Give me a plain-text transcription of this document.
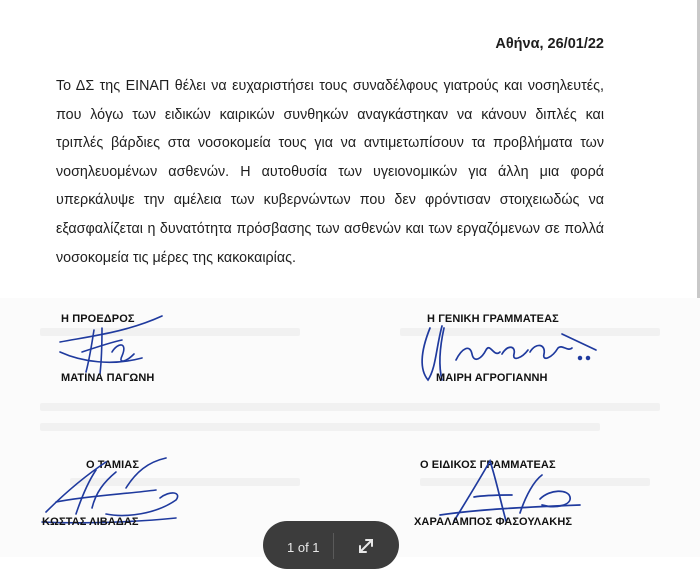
Αθήνα, 26/01/22
Το ΔΣ της ΕΙΝΑΠ θέλει να ευχαριστήσει τους συναδέλφους γιατρούς και νοσηλευτές, που λόγω των ειδικών καιρικών συνθηκών αναγκάστηκαν να κάνουν διπλές και τριπλές βάρδιες στα νοσοκομεία τους για να αντιμετωπίσουν τα προβλήματα των νοσηλευομένων ασθενών. Η αυτοθυσία των υγειονομικών για άλλη μια φορά υπερκάλυψε την αμέλεια των κυβερνώντων που δεν φρόντισαν στοιχειωδώς να εξασφαλίζεται η δυνατότητα πρόσβασης των ασθενών και των εργαζόμενων σε πολλά νοσοκομεία τις μέρες της κακοκαιρίας.
Η ΠΡΟΕΔΡΟΣ
ΜΑΤΙΝΑ ΠΑΓΩΝΗ
Η ΓΕΝΙΚΗ ΓΡΑΜΜΑΤΕΑΣ
ΜΑΙΡΗ ΑΓΡΟΓΙΑΝΝΗ
Ο ΤΑΜΙΑΣ
ΚΩΣΤΑΣ ΛΙΒΑΔΑΣ
Ο ΕΙΔΙΚΟΣ ΓΡΑΜΜΑΤΕΑΣ
ΧΑΡΑΛΑΜΠΟΣ ΦΑΣΟΥΛΑΚΗΣ
1 of 1
